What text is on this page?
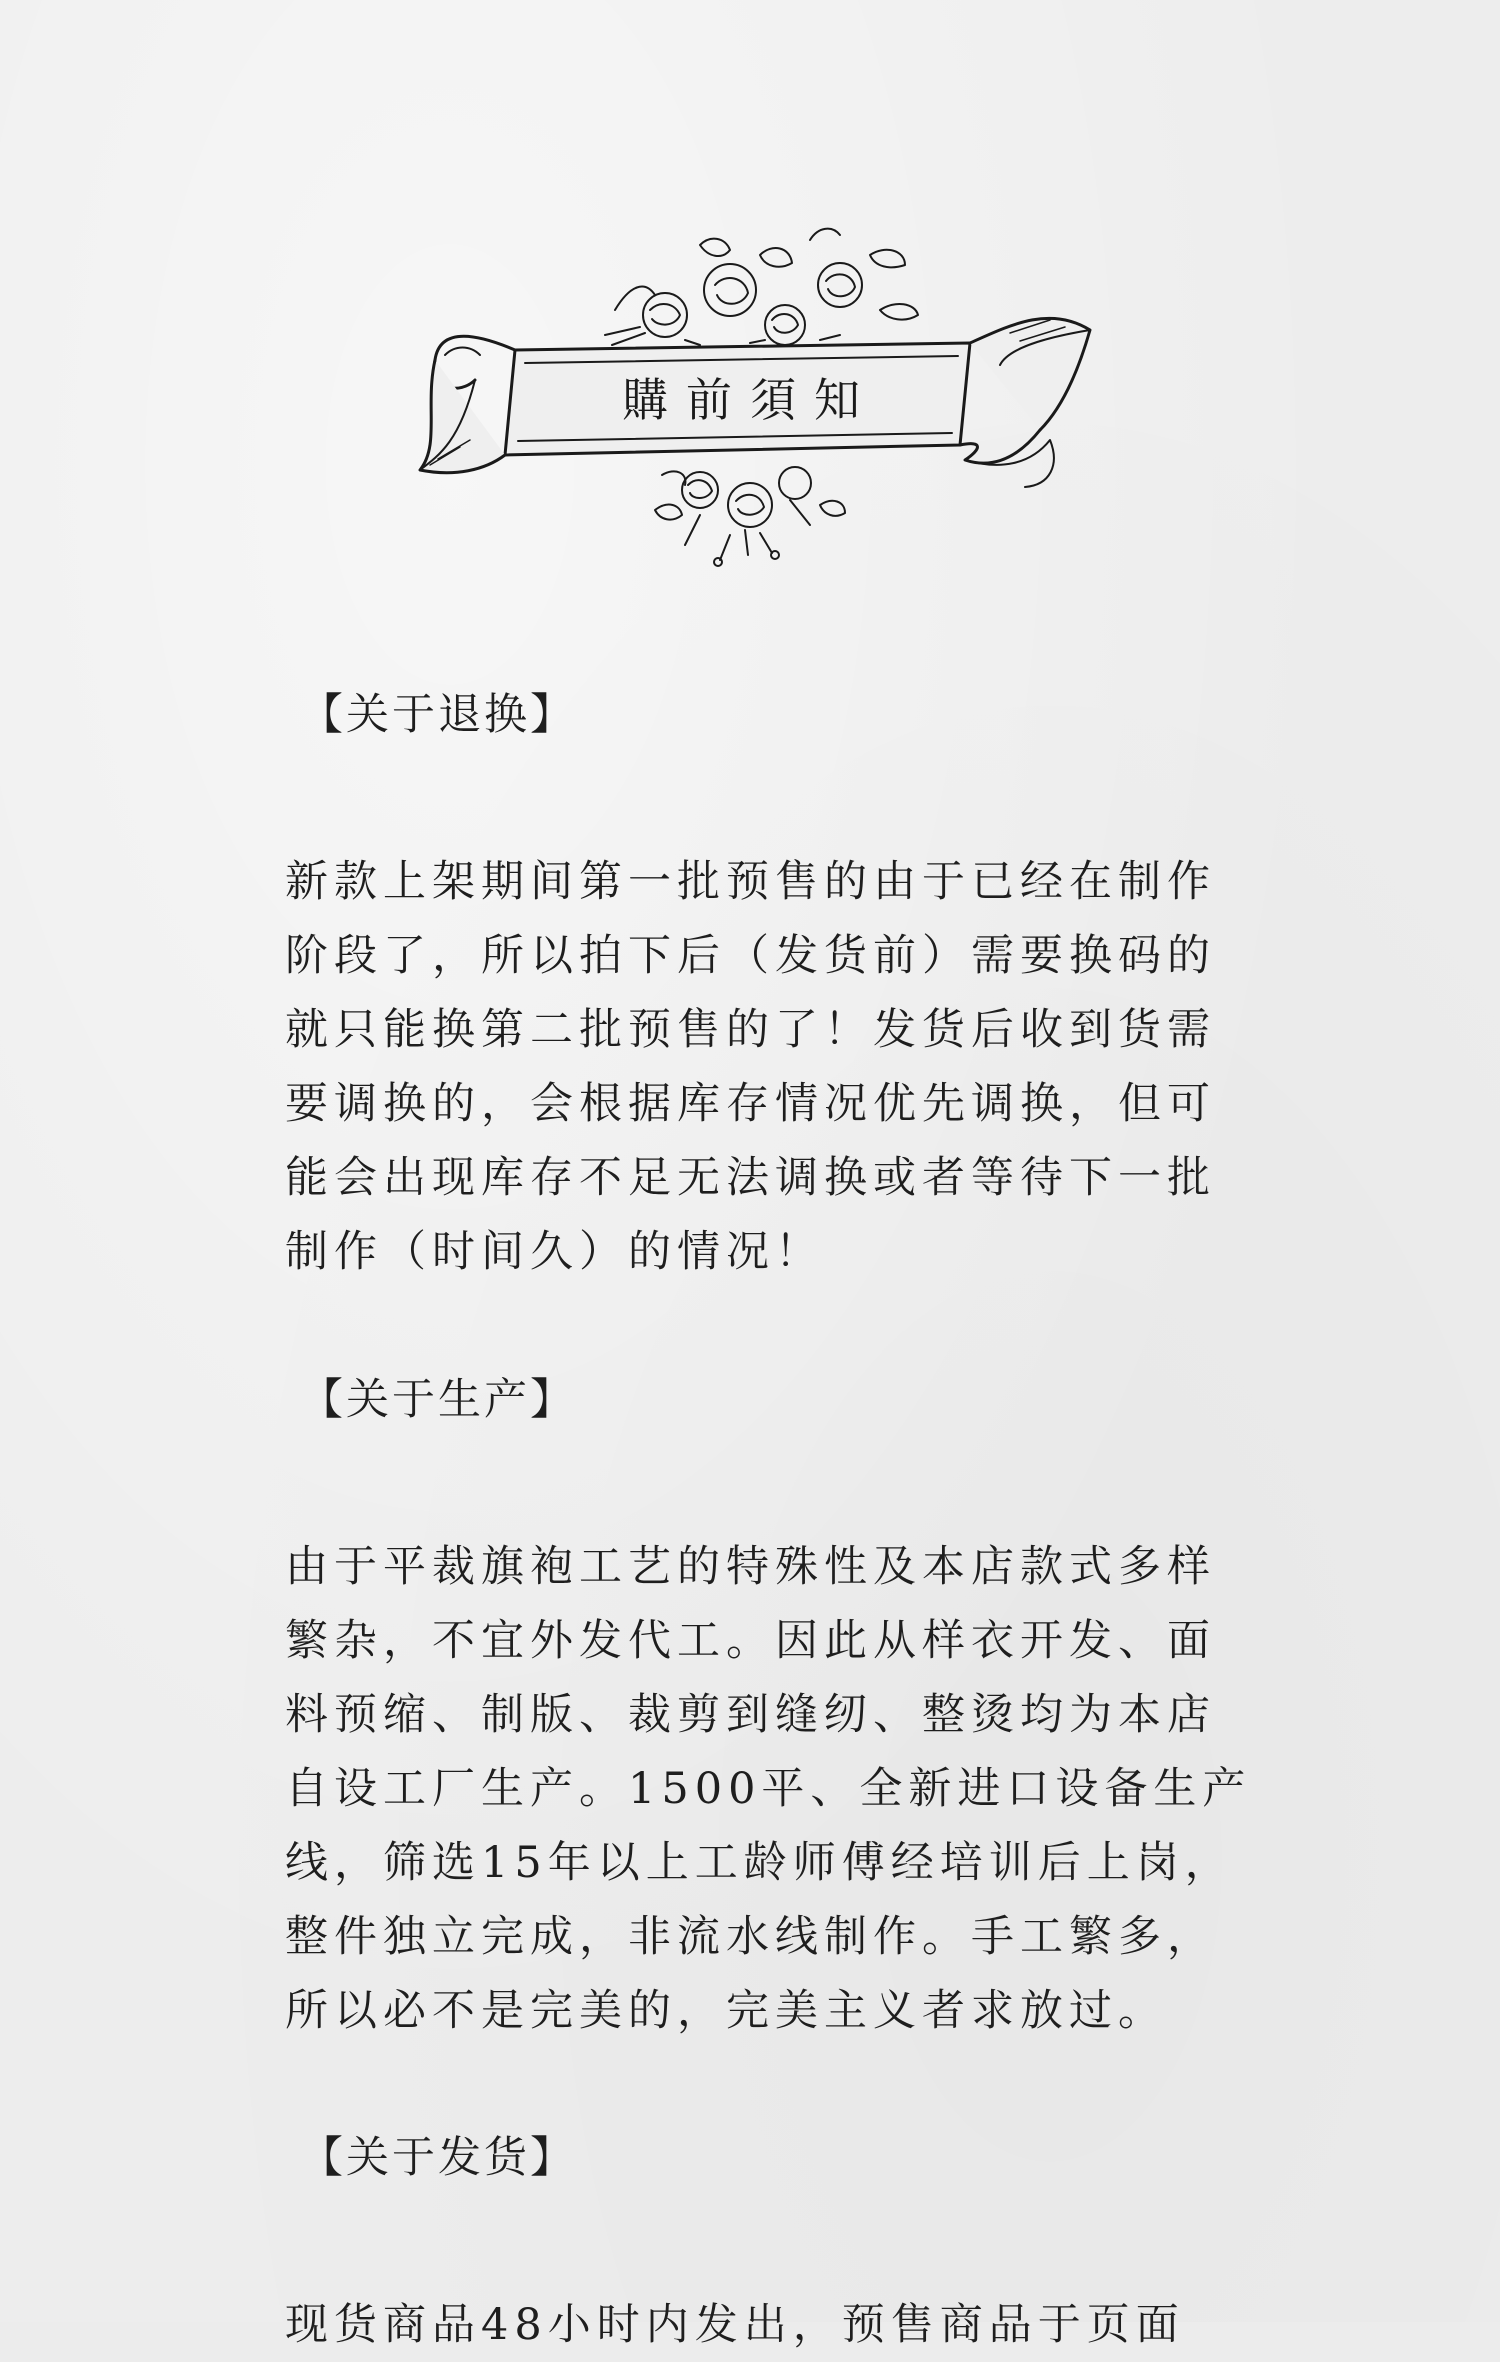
購前須知
【关于退换】
新款上架期间第一批预售的由于已经在制作
阶段了，所以拍下后（发货前）需要换码的
就只能换第二批预售的了！发货后收到货需
要调换的，会根据库存情况优先调换，但可
能会出现库存不足无法调换或者等待下一批
制作（时间久）的情况！
【关于生产】
由于平裁旗袍工艺的特殊性及本店款式多样
繁杂，不宜外发代工。因此从样衣开发、面
料预缩、制版、裁剪到缝纫、整烫均为本店
自设工厂生产。1500平、全新进口设备生产
线，筛选15年以上工龄师傅经培训后上岗，
整件独立完成，非流水线制作。手工繁多，
所以必不是完美的，完美主义者求放过。
【关于发货】
现货商品48小时内发出，预售商品于页面
